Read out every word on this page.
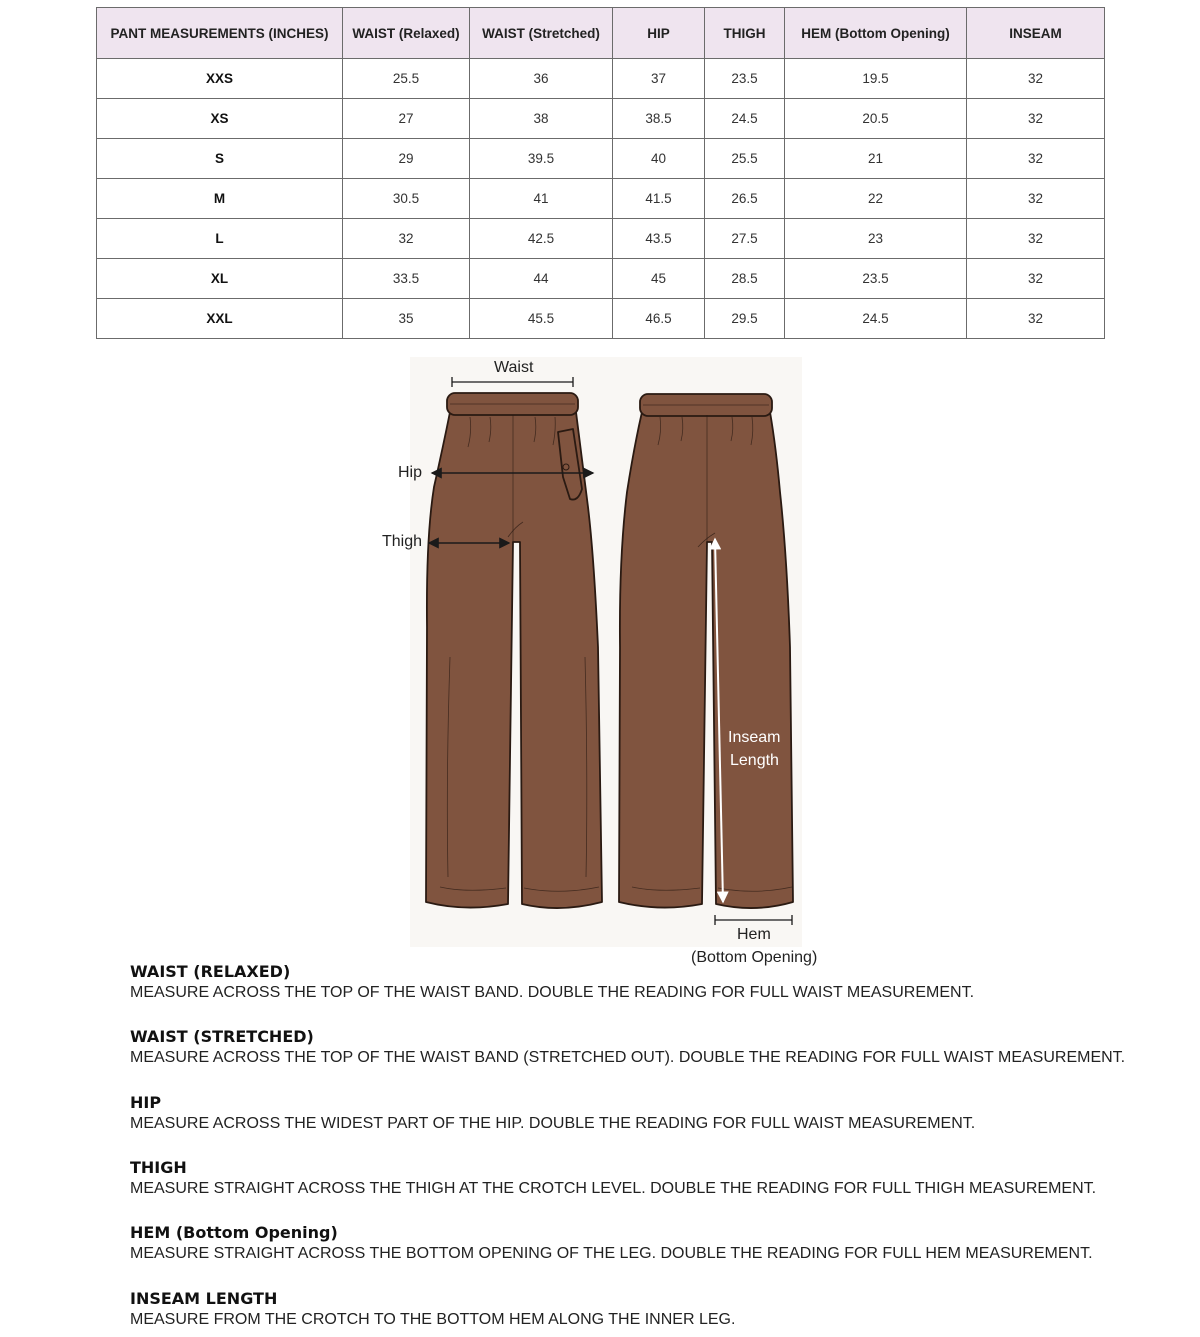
PANT MEASUREMENTS (INCHES)	WAIST (Relaxed)	WAIST (Stretched)	HIP	THIGH	HEM (Bottom Opening)	INSEAM
XXS	25.5	36	37	23.5	19.5	32
XS	27	38	38.5	24.5	20.5	32
S	29	39.5	40	25.5	21	32
M	30.5	41	41.5	26.5	22	32
L	32	42.5	43.5	27.5	23	32
XL	33.5	44	45	28.5	23.5	32
XXL	35	45.5	46.5	29.5	24.5	32
Waist
Hip
Thigh
Inseam
Length
Hem
(Bottom Opening)
WAIST (RELAXED)
MEASURE ACROSS THE TOP OF THE WAIST BAND. DOUBLE THE READING FOR FULL WAIST MEASUREMENT.
WAIST (STRETCHED)
MEASURE ACROSS THE TOP OF THE WAIST BAND (STRETCHED OUT). DOUBLE THE READING FOR FULL WAIST MEASUREMENT.
HIP
MEASURE ACROSS THE WIDEST PART OF THE HIP. DOUBLE THE READING FOR FULL WAIST MEASUREMENT.
THIGH
MEASURE STRAIGHT ACROSS THE THIGH AT THE CROTCH LEVEL. DOUBLE THE READING FOR FULL THIGH MEASUREMENT.
HEM (Bottom Opening)
MEASURE STRAIGHT ACROSS THE BOTTOM OPENING OF THE LEG. DOUBLE THE READING FOR FULL HEM MEASUREMENT.
INSEAM LENGTH
MEASURE FROM THE CROTCH TO THE BOTTOM HEM ALONG THE INNER LEG.
